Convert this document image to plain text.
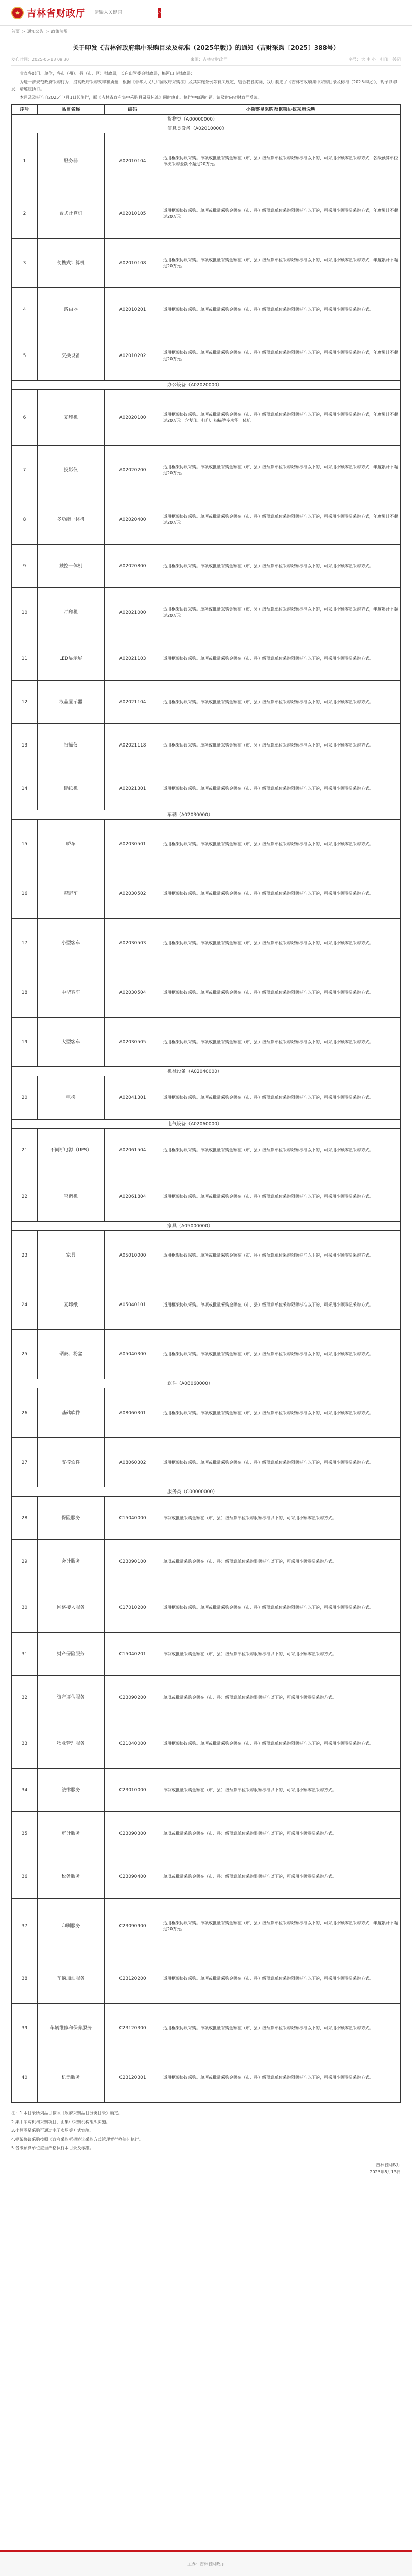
★ 吉林省财政厅
请输入关键词	⌕
首页 > 通知公告 > 政策法规
关于印发《吉林省政府集中采购目录及标准（2025年版）》的通知（吉财采购〔2025〕388号）
发布时间：2025-05-13 09:30	来源：吉林省财政厅	字号：大 中 小 打印 关闭

省直各部门、单位，各市（州）、县（市、区）财政局，长白山管委会财政局，梅河口市财政局：

为进一步规范政府采购行为，提高政府采购效率和质量，根据《中华人民共和国政府采购法》及其实施条例等有关规定，结合我省实际，我厅制定了《吉林省政府集中采购目录及标准（2025年版）》，现予以印发，请遵照执行。

本目录及标准自2025年7月1日起施行，原《吉林省政府集中采购目录及标准》同时废止。执行中如遇问题，请及时向省财政厅反馈。

序号	品目名称	编码	小额零星采购及框架协议采购说明
货物类（A00000000）			
信息类设备（A02010000）			
1	服务器	A02010104	适用框架协议采购。单项或批量采购金额在（市、县）级预算单位采购限额标准以下的，可采用小额零星采购方式，各级预算单位单次采购金额不超过20万元。
2	台式计算机	A02010105	适用框架协议采购。单项或批量采购金额在（市、县）级预算单位采购限额标准以下的，可采用小额零星采购方式，年度累计不超过20万元。
3	便携式计算机	A02010108	适用框架协议采购。单项或批量采购金额在（市、县）级预算单位采购限额标准以下的，可采用小额零星采购方式，年度累计不超过20万元。
4	路由器	A02010201	适用框架协议采购。单项或批量采购金额在（市、县）级预算单位采购限额标准以下的，可采用小额零星采购方式。
5	交换设备	A02010202	适用框架协议采购。单项或批量采购金额在（市、县）级预算单位采购限额标准以下的，可采用小额零星采购方式，年度累计不超过20万元。
办公设备（A02020000）			
6	复印机	A02020100	适用框架协议采购。单项或批量采购金额在（市、县）级预算单位采购限额标准以下的，可采用小额零星采购方式，年度累计不超过20万元。含复印、打印、扫描等多功能一体机。
7	投影仪	A02020200	适用框架协议采购。单项或批量采购金额在（市、县）级预算单位采购限额标准以下的，可采用小额零星采购方式，年度累计不超过20万元。
8	多功能一体机	A02020400	适用框架协议采购。单项或批量采购金额在（市、县）级预算单位采购限额标准以下的，可采用小额零星采购方式，年度累计不超过20万元。
9	触控一体机	A02020800	适用框架协议采购。单项或批量采购金额在（市、县）级预算单位采购限额标准以下的，可采用小额零星采购方式。
10	打印机	A02021000	适用框架协议采购。单项或批量采购金额在（市、县）级预算单位采购限额标准以下的，可采用小额零星采购方式，年度累计不超过20万元。
11	LED显示屏	A02021103	适用框架协议采购。单项或批量采购金额在（市、县）级预算单位采购限额标准以下的，可采用小额零星采购方式。
12	液晶显示器	A02021104	适用框架协议采购。单项或批量采购金额在（市、县）级预算单位采购限额标准以下的，可采用小额零星采购方式。
13	扫描仪	A02021118	适用框架协议采购。单项或批量采购金额在（市、县）级预算单位采购限额标准以下的，可采用小额零星采购方式。
14	碎纸机	A02021301	适用框架协议采购。单项或批量采购金额在（市、县）级预算单位采购限额标准以下的，可采用小额零星采购方式。
车辆（A02030000）			
15	轿车	A02030501	适用框架协议采购。单项或批量采购金额在（市、县）级预算单位采购限额标准以下的，可采用小额零星采购方式。
16	越野车	A02030502	适用框架协议采购。单项或批量采购金额在（市、县）级预算单位采购限额标准以下的，可采用小额零星采购方式。
17	小型客车	A02030503	适用框架协议采购。单项或批量采购金额在（市、县）级预算单位采购限额标准以下的，可采用小额零星采购方式。
18	中型客车	A02030504	适用框架协议采购。单项或批量采购金额在（市、县）级预算单位采购限额标准以下的，可采用小额零星采购方式。
19	大型客车	A02030505	适用框架协议采购。单项或批量采购金额在（市、县）级预算单位采购限额标准以下的，可采用小额零星采购方式。
机械设备（A02040000）			
20	电梯	A02041301	适用框架协议采购。单项或批量采购金额在（市、县）级预算单位采购限额标准以下的，可采用小额零星采购方式。
电气设备（A02060000）			
21	不间断电源（UPS）	A02061504	适用框架协议采购。单项或批量采购金额在（市、县）级预算单位采购限额标准以下的，可采用小额零星采购方式。
22	空调机	A02061804	适用框架协议采购。单项或批量采购金额在（市、县）级预算单位采购限额标准以下的，可采用小额零星采购方式。
家具（A05000000）			
23	家具	A05010000	适用框架协议采购。单项或批量采购金额在（市、县）级预算单位采购限额标准以下的，可采用小额零星采购方式。
24	复印纸	A05040101	适用框架协议采购。单项或批量采购金额在（市、县）级预算单位采购限额标准以下的，可采用小额零星采购方式。
25	硒鼓、粉盒	A05040300	适用框架协议采购。单项或批量采购金额在（市、县）级预算单位采购限额标准以下的，可采用小额零星采购方式。
软件（A08060000）			
26	基础软件	A08060301	适用框架协议采购。单项或批量采购金额在（市、县）级预算单位采购限额标准以下的，可采用小额零星采购方式。
27	支撑软件	A08060302	适用框架协议采购。单项或批量采购金额在（市、县）级预算单位采购限额标准以下的，可采用小额零星采购方式。
服务类（C00000000）			
28	保险服务	C15040000	单项或批量采购金额在（市、县）级预算单位采购限额标准以下的，可采用小额零星采购方式。
29	会计服务	C23090100	单项或批量采购金额在（市、县）级预算单位采购限额标准以下的，可采用小额零星采购方式。
30	网络接入服务	C17010200	适用框架协议采购。单项或批量采购金额在（市、县）级预算单位采购限额标准以下的，可采用小额零星采购方式。
31	财产保险服务	C15040201	单项或批量采购金额在（市、县）级预算单位采购限额标准以下的，可采用小额零星采购方式。
32	资产评估服务	C23090200	单项或批量采购金额在（市、县）级预算单位采购限额标准以下的，可采用小额零星采购方式。
33	物业管理服务	C21040000	适用框架协议采购。单项或批量采购金额在（市、县）级预算单位采购限额标准以下的，可采用小额零星采购方式。
34	法律服务	C23010000	单项或批量采购金额在（市、县）级预算单位采购限额标准以下的，可采用小额零星采购方式。
35	审计服务	C23090300	单项或批量采购金额在（市、县）级预算单位采购限额标准以下的，可采用小额零星采购方式。
36	税务服务	C23090400	单项或批量采购金额在（市、县）级预算单位采购限额标准以下的，可采用小额零星采购方式。
37	印刷服务	C23090900	适用框架协议采购。单项或批量采购金额在（市、县）级预算单位采购限额标准以下的，可采用小额零星采购方式，年度累计不超过20万元。
38	车辆加油服务	C23120200	适用框架协议采购。单项或批量采购金额在（市、县）级预算单位采购限额标准以下的，可采用小额零星采购方式。
39	车辆维修和保养服务	C23120300	适用框架协议采购。单项或批量采购金额在（市、县）级预算单位采购限额标准以下的，可采用小额零星采购方式。
40	机票服务	C23120301	适用框架协议采购。单项或批量采购金额在（市、县）级预算单位采购限额标准以下的，可采用小额零星采购方式。

注：1.本目录所列品目按照《政府采购品目分类目录》确定。

2.集中采购机构采购项目，由集中采购机构组织实施。

3.小额零星采购可通过电子卖场等方式实施。

4.框架协议采购按照《政府采购框架协议采购方式管理暂行办法》执行。

5.各级预算单位应当严格执行本目录及标准。

吉林省财政厅
2025年5月13日
主办：吉林省财政厅
